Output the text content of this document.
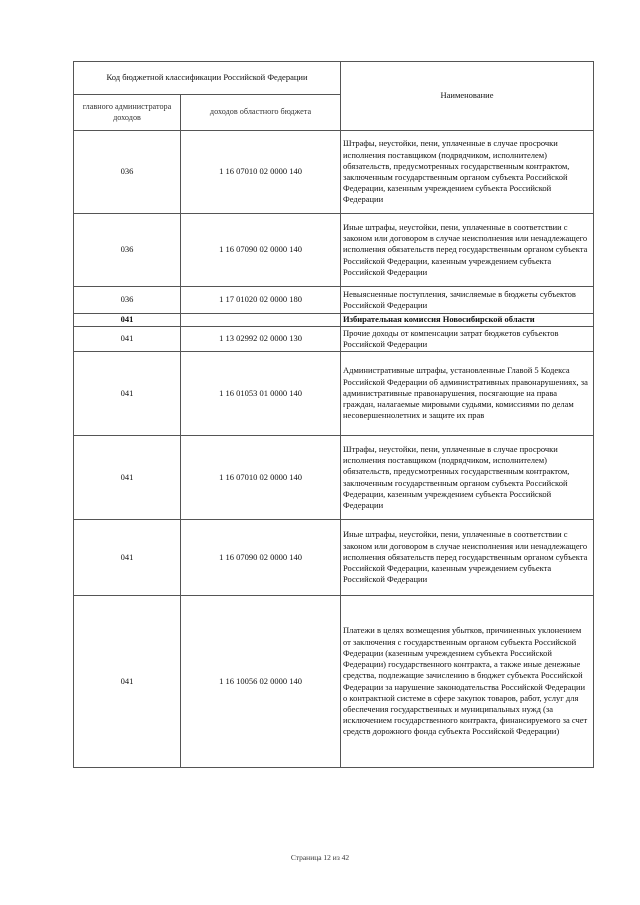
Код бюджетной классификации Российской Федерации		Наименование
главного администратора доходов	доходов областного бюджета	
036	1 16 07010 02 0000 140	Штрафы, неустойки, пени, уплаченные в случае просрочки исполнения поставщиком (подрядчиком, исполнителем) обязательств, предусмотренных государственным контрактом, заключенным государственным органом субъекта Российской Федерации, казенным учреждением субъекта Российской Федерации
036	1 16 07090 02 0000 140	Иные штрафы, неустойки, пени, уплаченные в соответствии с законом или договором в случае неисполнения или ненадлежащего исполнения обязательств перед государственным органом субъекта Российской Федерации, казенным учреждением субъекта Российской Федерации
036	1 17 01020 02 0000 180	Невыясненные поступления, зачисляемые в бюджеты субъектов Российской Федерации
041		Избирательная комиссия Новосибирской области
041	1 13 02992 02 0000 130	Прочие доходы от компенсации затрат бюджетов субъектов Российской Федерации
041	1 16 01053 01 0000 140	Административные штрафы, установленные Главой 5 Кодекса Российской Федерации об административных правонарушениях, за административные правонарушения, посягающие на права граждан, налагаемые мировыми судьями, комиссиями по делам несовершеннолетних и защите их прав
041	1 16 07010 02 0000 140	Штрафы, неустойки, пени, уплаченные в случае просрочки исполнения поставщиком (подрядчиком, исполнителем) обязательств, предусмотренных государственным контрактом, заключенным государственным органом субъекта Российской Федерации, казенным учреждением субъекта Российской Федерации
041	1 16 07090 02 0000 140	Иные штрафы, неустойки, пени, уплаченные в соответствии с законом или договором в случае неисполнения или ненадлежащего исполнения обязательств перед государственным органом субъекта Российской Федерации, казенным учреждением субъекта Российской Федерации
041	1 16 10056 02 0000 140	Платежи в целях возмещения убытков, причиненных уклонением от заключения с государственным органом субъекта Российской Федерации (казенным учреждением субъекта Российской Федерации) государственного контракта, а также иные денежные средства, подлежащие зачислению в бюджет субъекта Российской Федерации за нарушение законодательства Российской Федерации о контрактной системе в сфере закупок товаров, работ, услуг для обеспечения государственных и муниципальных нужд (за исключением государственного контракта, финансируемого за счет средств дорожного фонда субъекта Российской Федерации)
Страница 12 из 42
